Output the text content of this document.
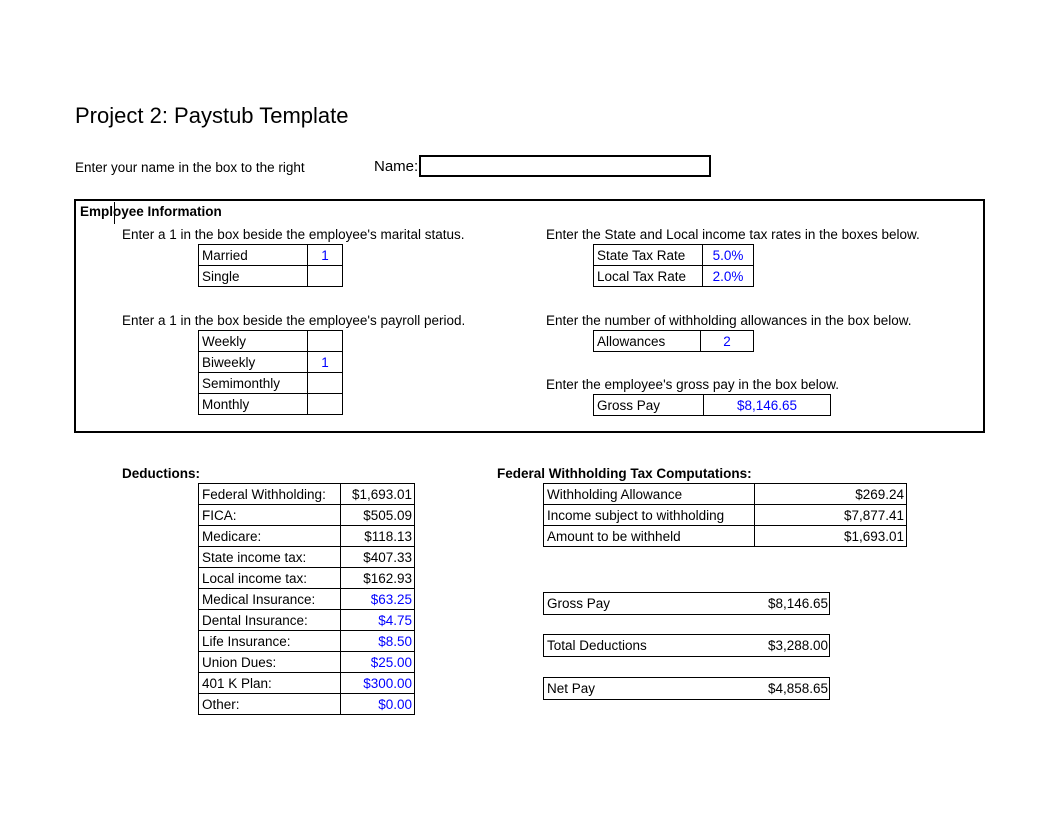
Project 2: Paystub Template
Enter your name in the box to the right	Name:
Employee Information
Enter a 1 in the box beside the employee's marital status.
Married	1
Single	
Enter the State and Local income tax rates in the boxes below.
State Tax Rate	5.0%
Local Tax Rate	2.0%
Enter a 1 in the box beside the employee's payroll period.
Weekly	
Biweekly	1
Semimonthly	
Monthly	
Enter the number of withholding allowances in the box below.
Allowances	2
Enter the employee's gross pay in the box below.
Gross Pay	$8,146.65
Deductions:
Federal Withholding:	$1,693.01
FICA:	$505.09
Medicare:	$118.13
State income tax:	$407.33
Local income tax:	$162.93
Medical Insurance:	$63.25
Dental Insurance:	$4.75
Life Insurance:	$8.50
Union Dues:	$25.00
401 K Plan:	$300.00
Other:	$0.00
Federal Withholding Tax Computations:
Withholding Allowance	$269.24
Income subject to withholding	$7,877.41
Amount to be withheld	$1,693.01
Gross Pay	$8,146.65
Total Deductions	$3,288.00
Net Pay	$4,858.65
